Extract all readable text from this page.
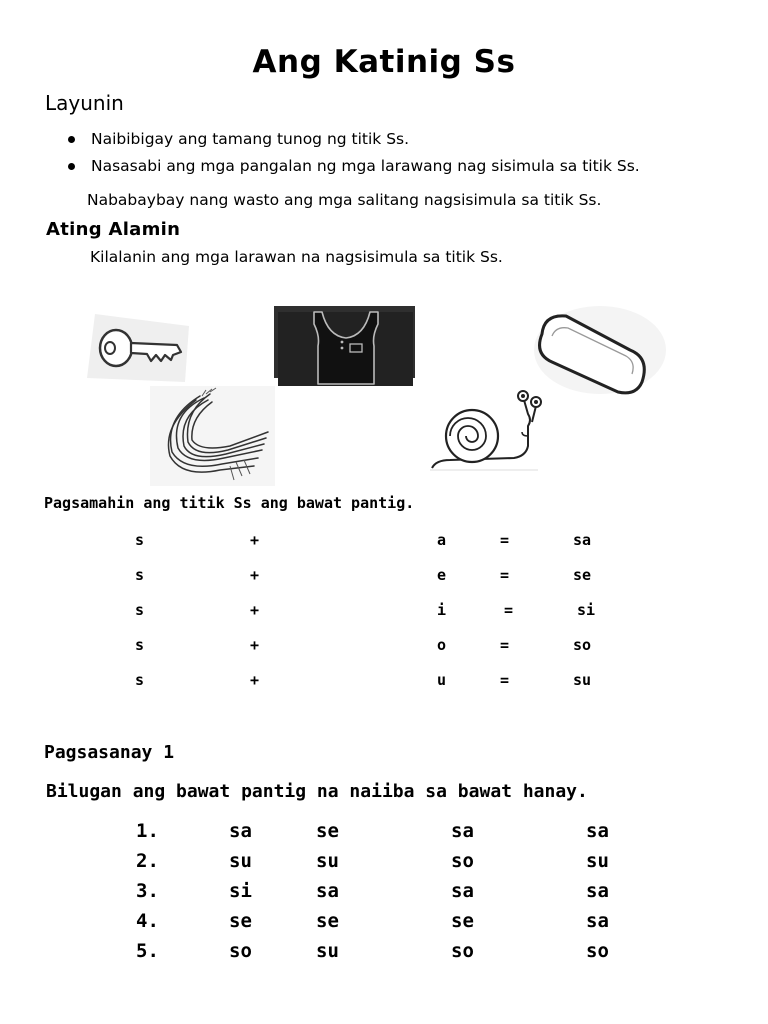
Ang Katinig Ss
Layunin
Naibibigay ang tamang tunog ng titik Ss.
Nasasabi ang mga pangalan ng mga larawang nag sisimula sa titik Ss.
Nababaybay nang wasto ang mga salitang nagsisimula sa titik Ss.
Ating Alamin
Kilalanin ang mga larawan na nagsisimula sa titik Ss.
Pagsamahin ang titik Ss ang bawat pantig.
s	+	a	=	sa
s	+	e	=	se
s	+	i	=	si
s	+	o	=	so
s	+	u	=	su
Pagsasanay 1
Bilugan ang bawat pantig na naiiba sa bawat hanay.
1.	sa	se	sa	sa
2.	su	su	so	su
3.	si	sa	sa	sa
4.	se	se	se	sa
5.	so	su	so	so
